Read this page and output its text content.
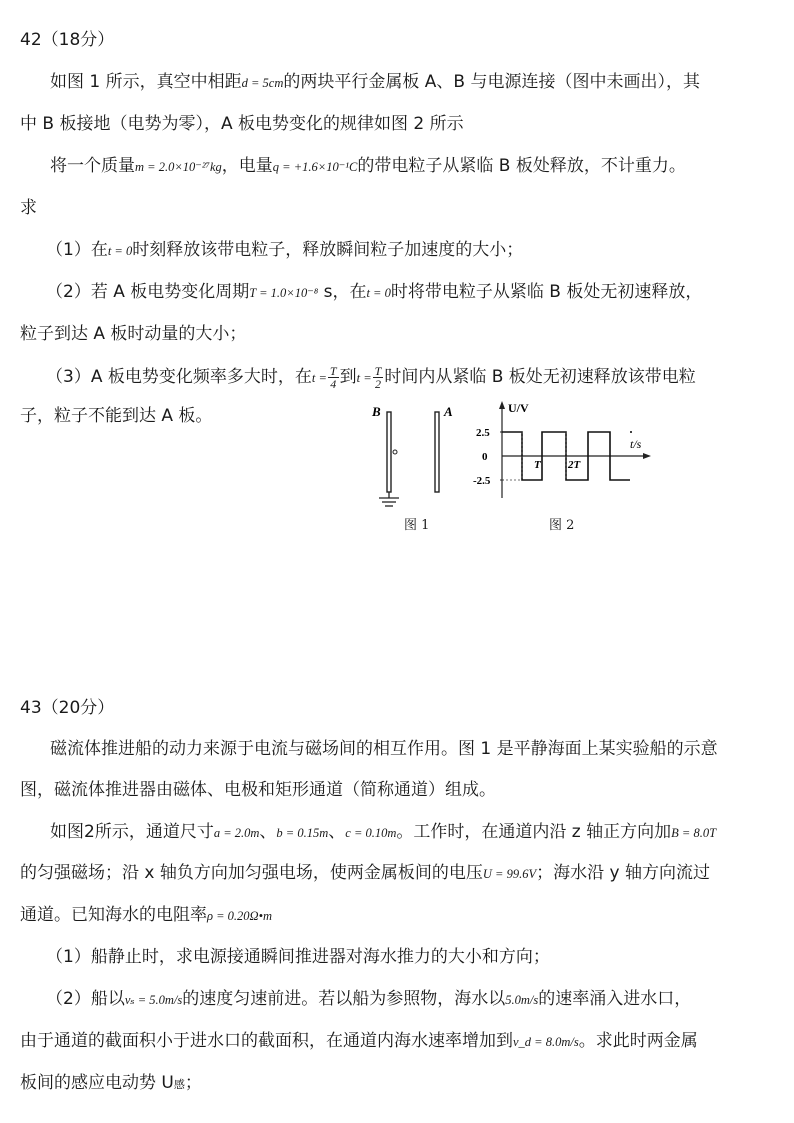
42（18分）
如图 1 所示，真空中相距d = 5cm的两块平行金属板 A、B 与电源连接（图中未画出），其
中 B 板接地（电势为零），A 板电势变化的规律如图 2 所示
将一个质量m = 2.0×10⁻²⁷kg，电量q = +1.6×10⁻¹C的带电粒子从紧临 B 板处释放，不计重力。
求
（1）在t = 0时刻释放该带电粒子，释放瞬间粒子加速度的大小；
（2）若 A 板电势变化周期T = 1.0×10⁻⁸ s，在t = 0时将带电粒子从紧临 B 板处无初速释放，
粒子到达 A 板时动量的大小；
（3）A 板电势变化频率多大时，在$t = \frac{T}{4}$ 到$t = \frac{T}{2}$ 时间内从紧临 B 板处无初速释放该带电粒
子，粒子不能到达 A 板。	B	A
图 1
U/V
t/s
2.5
0
-2.5
T 2T
图 2
43（20分）
磁流体推进船的动力来源于电流与磁场间的相互作用。图 1 是平静海面上某实验船的示意
图，磁流体推进器由磁体、电极和矩形通道（简称通道）组成。
如图2所示，通道尺寸a = 2.0m、b = 0.15m、c = 0.10m。工作时，在通道内沿 z 轴正方向加B = 8.0T
的匀强磁场；沿 x 轴负方向加匀强电场，使两金属板间的电压U = 99.6V；海水沿 y 轴方向流过
通道。已知海水的电阻率ρ = 0.20Ω•m
（1）船静止时，求电源接通瞬间推进器对海水推力的大小和方向；
（2）船以vₛ = 5.0m/s的速度匀速前进。若以船为参照物，海水以5.0m/s的速率涌入进水口，
由于通道的截面积小于进水口的截面积，在通道内海水速率增加到v_d = 8.0m/s。求此时两金属
板间的感应电动势 U感；
